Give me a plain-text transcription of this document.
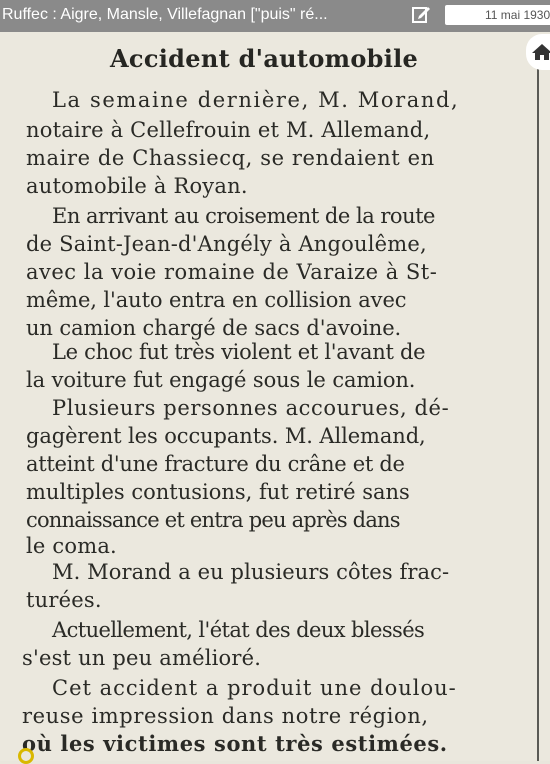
Ruffec : Aigre, Mansle, Villefagnan ["puis" ré...	11 mai 1930
Accident d'automobile
La semaine dernière, M. Morand,
notaire à Cellefrouin et M. Allemand,
maire de Chassiecq, se rendaient en
automobile à Royan.
En arrivant au croisement de la route
de Saint-Jean-d'Angély à Angoulême,
avec la voie romaine de Varaize à St-
même, l'auto entra en collision avec
un camion chargé de sacs d'avoine.
Le choc fut très violent et l'avant de
la voiture fut engagé sous le camion.
Plusieurs personnes accourues, dé-
gagèrent les occupants. M. Allemand,
atteint d'une fracture du crâne et de
multiples contusions, fut retiré sans
connaissance et entra peu après dans
le coma.
M. Morand a eu plusieurs côtes frac-
turées.
Actuellement, l'état des deux blessés
s'est un peu amélioré.
Cet accident a produit une doulou-
reuse impression dans notre région,
où les victimes sont très estimées.
